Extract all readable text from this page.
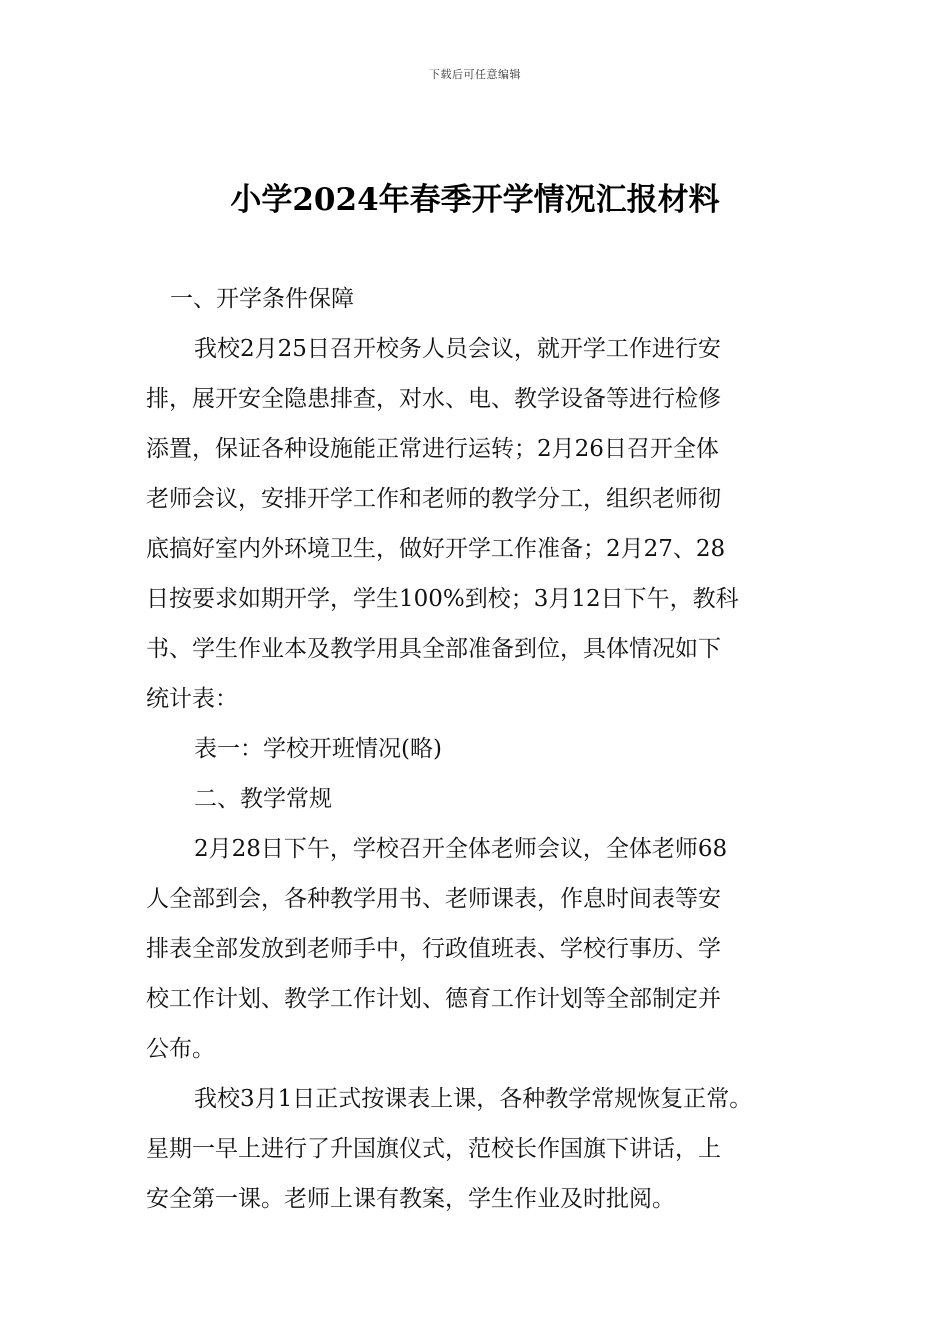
下载后可任意编辑
小学2024年春季开学情况汇报材料
一、开学条件保障
我校2月25日召开校务人员会议，就开学工作进行安
排，展开安全隐患排查，对水、电、教学设备等进行检修
添置，保证各种设施能正常进行运转；2月26日召开全体
老师会议，安排开学工作和老师的教学分工，组织老师彻
底搞好室内外环境卫生，做好开学工作准备；2月27、28
日按要求如期开学，学生100%到校；3月12日下午，教科
书、学生作业本及教学用具全部准备到位，具体情况如下
统计表：
表一：学校开班情况(略)
二、教学常规
2月28日下午，学校召开全体老师会议，全体老师68
人全部到会，各种教学用书、老师课表，作息时间表等安
排表全部发放到老师手中，行政值班表、学校行事历、学
校工作计划、教学工作计划、德育工作计划等全部制定并
公布。
我校3月1日正式按课表上课，各种教学常规恢复正常。
星期一早上进行了升国旗仪式，范校长作国旗下讲话，上
安全第一课。老师上课有教案，学生作业及时批阅。
